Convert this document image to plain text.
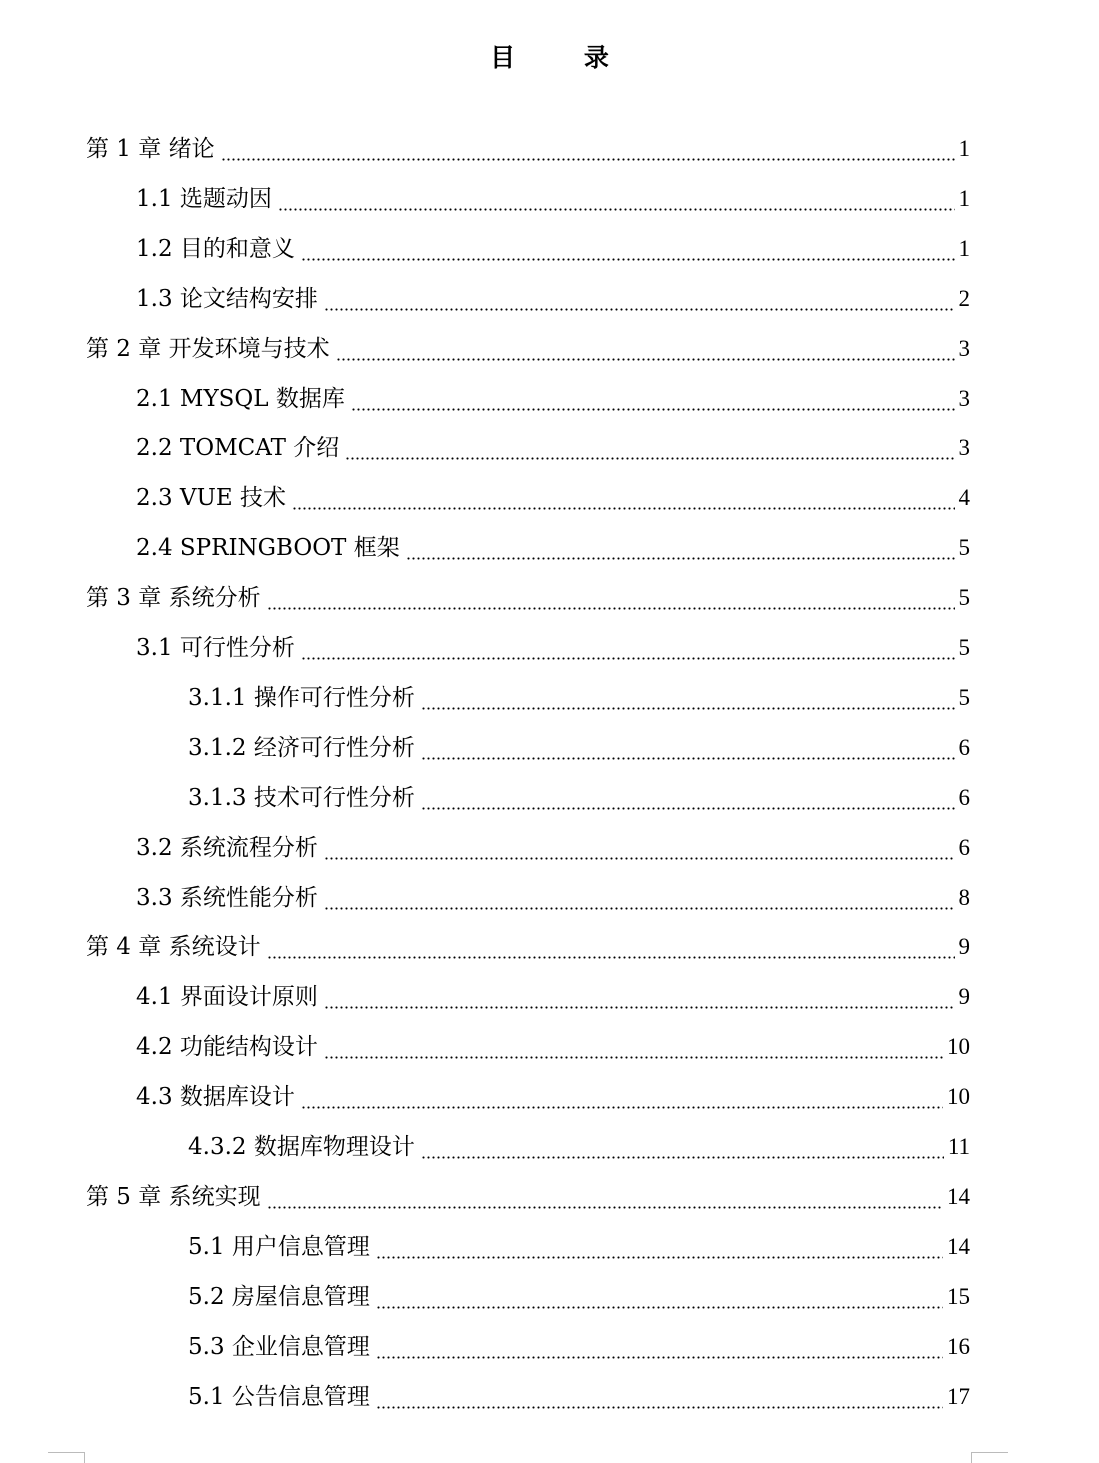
目 录
第 1 章 绪论	1
1.1 选题动因	1
1.2 目的和意义	1
1.3 论文结构安排	2
第 2 章 开发环境与技术	3
2.1 MYSQL 数据库	3
2.2 TOMCAT 介绍	3
2.3 VUE 技术	4
2.4 SPRINGBOOT 框架	5
第 3 章 系统分析	5
3.1 可行性分析	5
3.1.1 操作可行性分析	5
3.1.2 经济可行性分析	6
3.1.3 技术可行性分析	6
3.2 系统流程分析	6
3.3 系统性能分析	8
第 4 章 系统设计	9
4.1 界面设计原则	9
4.2 功能结构设计	10
4.3 数据库设计	10
4.3.2 数据库物理设计	11
第 5 章 系统实现	14
5.1 用户信息管理	14
5.2 房屋信息管理	15
5.3 企业信息管理	16
5.1 公告信息管理	17
